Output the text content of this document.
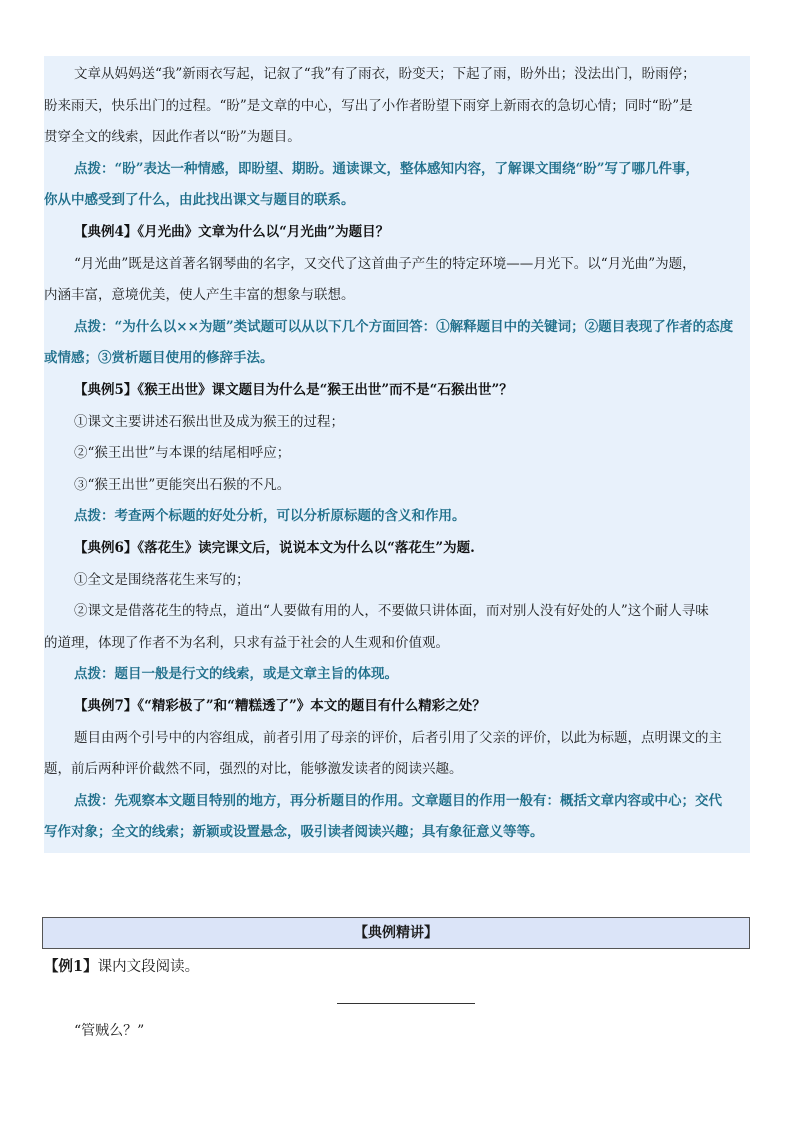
文章从妈妈送“我”新雨衣写起，记叙了“我”有了雨衣，盼变天；下起了雨，盼外出；没法出门，盼雨停；
盼来雨天，快乐出门的过程。“盼”是文章的中心，写出了小作者盼望下雨穿上新雨衣的急切心情；同时“盼”是
贯穿全文的线索，因此作者以“盼”为题目。
点拨：“盼”表达一种情感，即盼望、期盼。通读课文，整体感知内容，了解课文围绕“盼”写了哪几件事，
你从中感受到了什么，由此找出课文与题目的联系。
【典例4】《月光曲》文章为什么以“月光曲”为题目？
“月光曲”既是这首著名钢琴曲的名字，又交代了这首曲子产生的特定环境——月光下。以“月光曲”为题，
内涵丰富，意境优美，使人产生丰富的想象与联想。
点拨：“为什么以××为题”类试题可以从以下几个方面回答：①解释题目中的关键词；②题目表现了作者的态度
或情感；③赏析题目使用的修辞手法。
【典例5】《猴王出世》课文题目为什么是“猴王出世”而不是“石猴出世”？
①课文主要讲述石猴出世及成为猴王的过程；
②“猴王出世”与本课的结尾相呼应；
③“猴王出世”更能突出石猴的不凡。
点拨：考查两个标题的好处分析，可以分析原标题的含义和作用。
【典例6】《落花生》读完课文后，说说本文为什么以“落花生”为题.
①全文是围绕落花生来写的；
②课文是借落花生的特点，道出“人要做有用的人，不要做只讲体面，而对别人没有好处的人”这个耐人寻味
的道理，体现了作者不为名利，只求有益于社会的人生观和价值观。
点拨：题目一般是行文的线索，或是文章主旨的体现。
【典例7】《“精彩极了”和“糟糕透了”》本文的题目有什么精彩之处？
题目由两个引号中的内容组成，前者引用了母亲的评价，后者引用了父亲的评价，以此为标题，点明课文的主
题，前后两种评价截然不同，强烈的对比，能够激发读者的阅读兴趣。
点拨：先观察本文题目特别的地方，再分析题目的作用。文章题目的作用一般有：概括文章内容或中心；交代
写作对象；全文的线索；新颖或设置悬念，吸引读者阅读兴趣；具有象征意义等等。
【典例精讲】
【例1】课内文段阅读。
“管贼么？”
